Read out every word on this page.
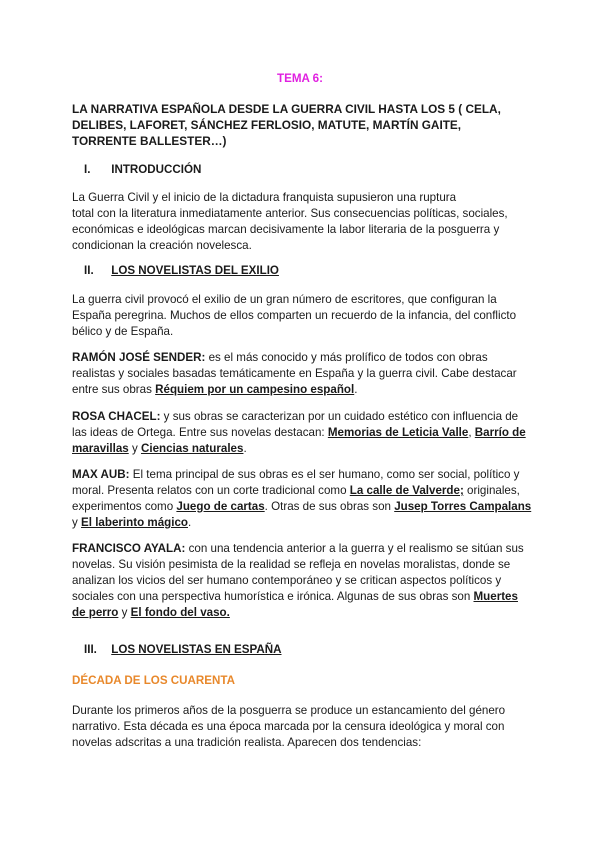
TEMA 6:
LA NARRATIVA ESPAÑOLA DESDE LA GUERRA CIVIL HASTA LOS 5 ( CELA, DELIBES, LAFORET, SÁNCHEZ FERLOSIO, MATUTE, MARTÍN GAITE, TORRENTE BALLESTER…)
I. INTRODUCCIÓN
La Guerra Civil y el inicio de la dictadura franquista supusieron una ruptura
total con la literatura inmediatamente anterior. Sus consecuencias políticas, sociales,
económicas e ideológicas marcan decisivamente la labor literaria de la posguerra y
condicionan la creación novelesca.
II. LOS NOVELISTAS DEL EXILIO
La guerra civil provocó el exilio de un gran número de escritores, que configuran la España peregrina. Muchos de ellos comparten un recuerdo de la infancia, del conflicto bélico y de España.
RAMÓN JOSÉ SENDER: es el más conocido y más prolífico de todos con obras realistas y sociales basadas temáticamente en España y la guerra civil. Cabe destacar entre sus obras Réquiem por un campesino español.
ROSA CHACEL: y sus obras se caracterizan por un cuidado estético con influencia de las ideas de Ortega. Entre sus novelas destacan: Memorias de Leticia Valle, Barrío de maravillas y Ciencias naturales.
MAX AUB: El tema principal de sus obras es el ser humano, como ser social, político y moral. Presenta relatos con un corte tradicional como La calle de Valverde; originales, experimentos como Juego de cartas. Otras de sus obras son Jusep Torres Campalans y El laberinto mágico.
FRANCISCO AYALA: con una tendencia anterior a la guerra y el realismo se sitúan sus novelas. Su visión pesimista de la realidad se refleja en novelas moralistas, donde se analizan los vicios del ser humano contemporáneo y se critican aspectos políticos y sociales con una perspectiva humorística e irónica. Algunas de sus obras son Muertes de perro y El fondo del vaso.
III. LOS NOVELISTAS EN ESPAÑA
DÉCADA DE LOS CUARENTA
Durante los primeros años de la posguerra se produce un estancamiento del género narrativo. Esta década es una época marcada por la censura ideológica y moral con novelas adscritas a una tradición realista. Aparecen dos tendencias:
